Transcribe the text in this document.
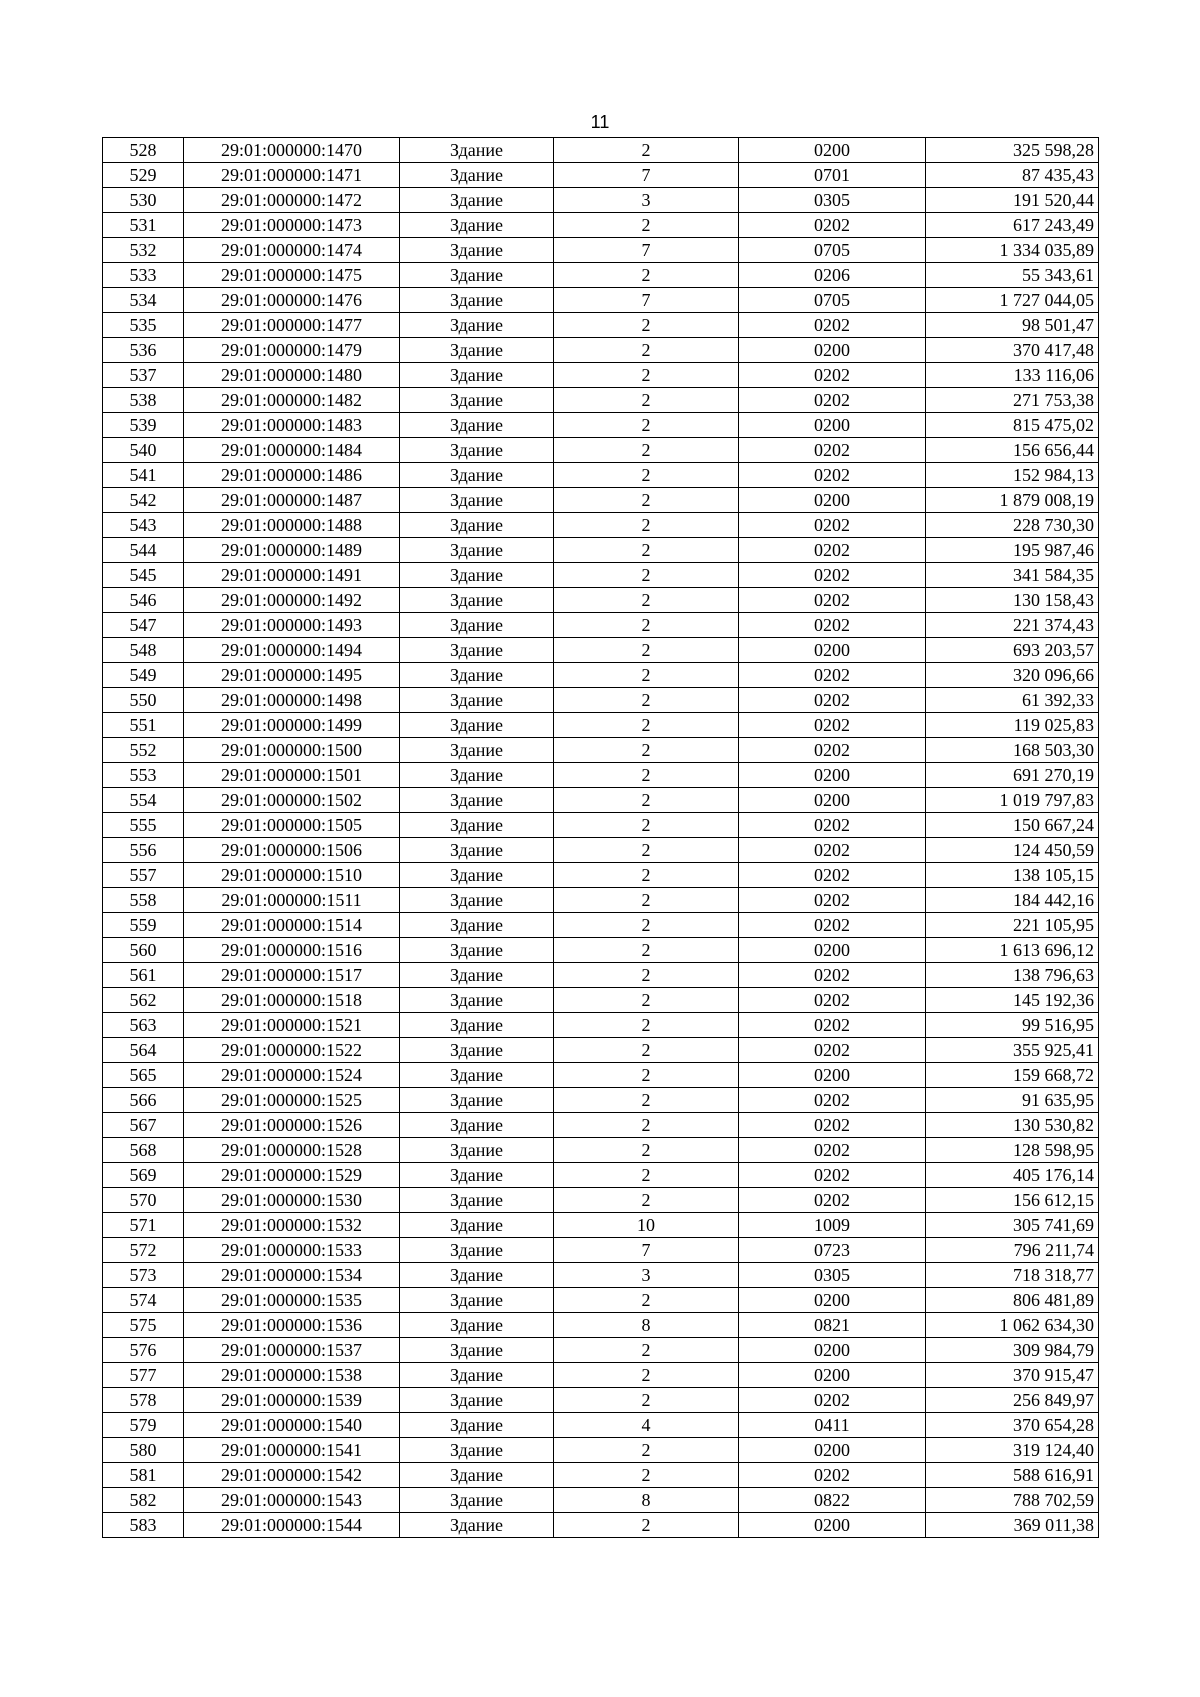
11
528	29:01:000000:1470	Здание	2	0200	325 598,28
529	29:01:000000:1471	Здание	7	0701	87 435,43
530	29:01:000000:1472	Здание	3	0305	191 520,44
531	29:01:000000:1473	Здание	2	0202	617 243,49
532	29:01:000000:1474	Здание	7	0705	1 334 035,89
533	29:01:000000:1475	Здание	2	0206	55 343,61
534	29:01:000000:1476	Здание	7	0705	1 727 044,05
535	29:01:000000:1477	Здание	2	0202	98 501,47
536	29:01:000000:1479	Здание	2	0200	370 417,48
537	29:01:000000:1480	Здание	2	0202	133 116,06
538	29:01:000000:1482	Здание	2	0202	271 753,38
539	29:01:000000:1483	Здание	2	0200	815 475,02
540	29:01:000000:1484	Здание	2	0202	156 656,44
541	29:01:000000:1486	Здание	2	0202	152 984,13
542	29:01:000000:1487	Здание	2	0200	1 879 008,19
543	29:01:000000:1488	Здание	2	0202	228 730,30
544	29:01:000000:1489	Здание	2	0202	195 987,46
545	29:01:000000:1491	Здание	2	0202	341 584,35
546	29:01:000000:1492	Здание	2	0202	130 158,43
547	29:01:000000:1493	Здание	2	0202	221 374,43
548	29:01:000000:1494	Здание	2	0200	693 203,57
549	29:01:000000:1495	Здание	2	0202	320 096,66
550	29:01:000000:1498	Здание	2	0202	61 392,33
551	29:01:000000:1499	Здание	2	0202	119 025,83
552	29:01:000000:1500	Здание	2	0202	168 503,30
553	29:01:000000:1501	Здание	2	0200	691 270,19
554	29:01:000000:1502	Здание	2	0200	1 019 797,83
555	29:01:000000:1505	Здание	2	0202	150 667,24
556	29:01:000000:1506	Здание	2	0202	124 450,59
557	29:01:000000:1510	Здание	2	0202	138 105,15
558	29:01:000000:1511	Здание	2	0202	184 442,16
559	29:01:000000:1514	Здание	2	0202	221 105,95
560	29:01:000000:1516	Здание	2	0200	1 613 696,12
561	29:01:000000:1517	Здание	2	0202	138 796,63
562	29:01:000000:1518	Здание	2	0202	145 192,36
563	29:01:000000:1521	Здание	2	0202	99 516,95
564	29:01:000000:1522	Здание	2	0202	355 925,41
565	29:01:000000:1524	Здание	2	0200	159 668,72
566	29:01:000000:1525	Здание	2	0202	91 635,95
567	29:01:000000:1526	Здание	2	0202	130 530,82
568	29:01:000000:1528	Здание	2	0202	128 598,95
569	29:01:000000:1529	Здание	2	0202	405 176,14
570	29:01:000000:1530	Здание	2	0202	156 612,15
571	29:01:000000:1532	Здание	10	1009	305 741,69
572	29:01:000000:1533	Здание	7	0723	796 211,74
573	29:01:000000:1534	Здание	3	0305	718 318,77
574	29:01:000000:1535	Здание	2	0200	806 481,89
575	29:01:000000:1536	Здание	8	0821	1 062 634,30
576	29:01:000000:1537	Здание	2	0200	309 984,79
577	29:01:000000:1538	Здание	2	0200	370 915,47
578	29:01:000000:1539	Здание	2	0202	256 849,97
579	29:01:000000:1540	Здание	4	0411	370 654,28
580	29:01:000000:1541	Здание	2	0200	319 124,40
581	29:01:000000:1542	Здание	2	0202	588 616,91
582	29:01:000000:1543	Здание	8	0822	788 702,59
583	29:01:000000:1544	Здание	2	0200	369 011,38
